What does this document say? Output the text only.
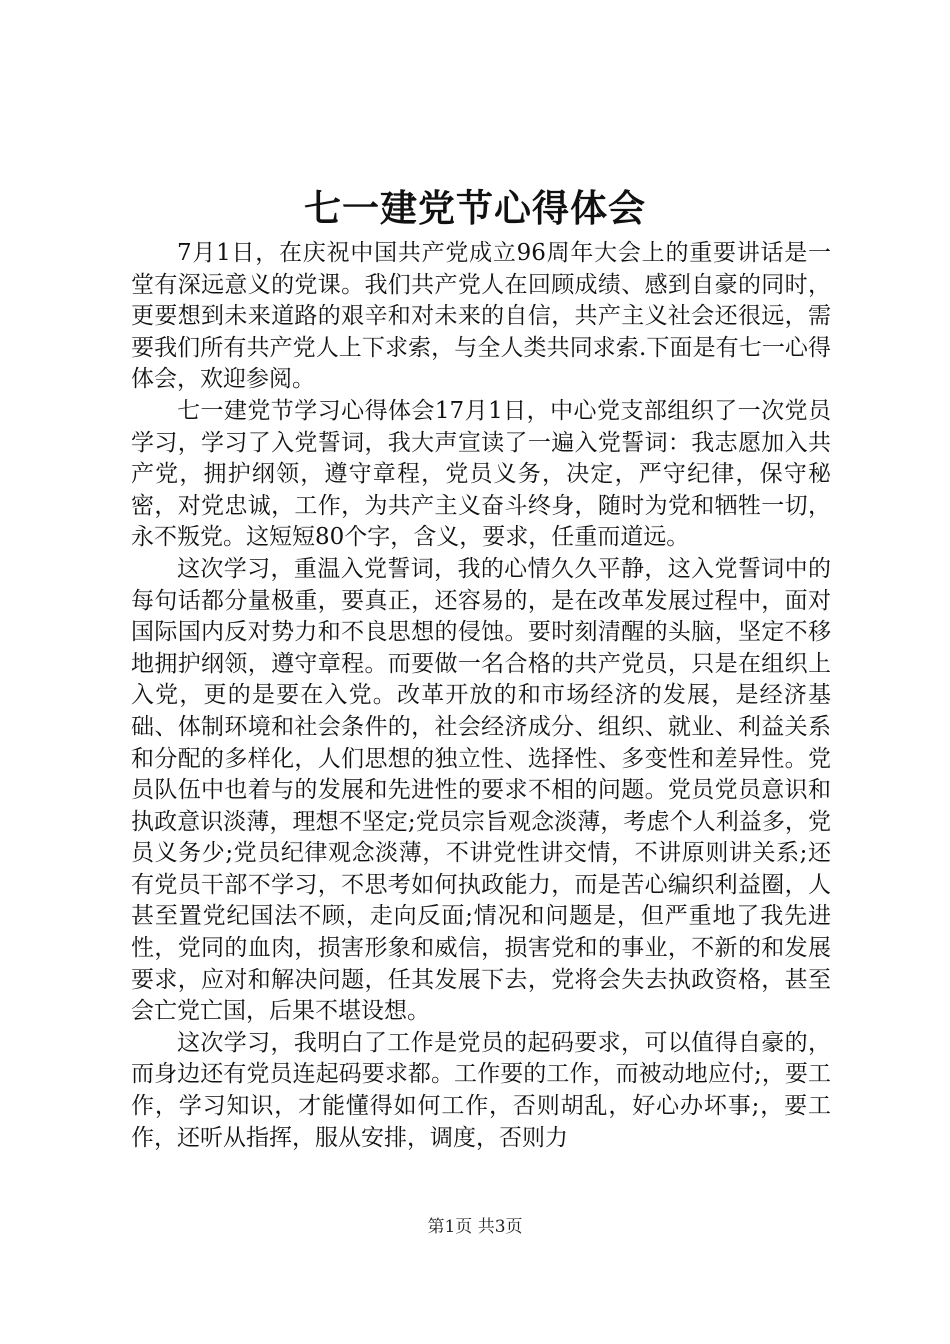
七一建党节心得体会

7月1日，在庆祝中国共产党成立96周年大会上的重要讲话是一堂有深远意义的党课。我们共产党人在回顾成绩、感到自豪的同时，更要想到未来道路的艰辛和对未来的自信，共产主义社会还很远，需要我们所有共产党人上下求索，与全人类共同求索.下面是有七一心得体会，欢迎参阅。

七一建党节学习心得体会17月1日，中心党支部组织了一次党员学习，学习了入党誓词，我大声宣读了一遍入党誓词：我志愿加入共产党，拥护纲领，遵守章程，党员义务，决定，严守纪律，保守秘密，对党忠诚，工作，为共产主义奋斗终身，随时为党和牺牲一切，永不叛党。这短短80个字，含义，要求，任重而道远。

这次学习，重温入党誓词，我的心情久久平静，这入党誓词中的每句话都分量极重，要真正，还容易的，是在改革发展过程中，面对国际国内反对势力和不良思想的侵蚀。要时刻清醒的头脑，坚定不移地拥护纲领，遵守章程。而要做一名合格的共产党员，只是在组织上入党，更的是要在入党。改革开放的和市场经济的发展，是经济基础、体制环境和社会条件的，社会经济成分、组织、就业、利益关系和分配的多样化，人们思想的独立性、选择性、多变性和差异性。党员队伍中也着与的发展和先进性的要求不相的问题。党员党员意识和执政意识淡薄，理想不坚定;党员宗旨观念淡薄，考虑个人利益多，党员义务少;党员纪律观念淡薄，不讲党性讲交情，不讲原则讲关系;还有党员干部不学习，不思考如何执政能力，而是苦心编织利益圈，人甚至置党纪国法不顾，走向反面;情况和问题是，但严重地了我先进性，党同的血肉，损害形象和威信，损害党和的事业，不新的和发展要求，应对和解决问题，任其发展下去，党将会失去执政资格，甚至会亡党亡国，后果不堪设想。

这次学习，我明白了工作是党员的起码要求，可以值得自豪的，而身边还有党员连起码要求都。工作要的工作，而被动地应付;，要工作，学习知识，才能懂得如何工作，否则胡乱，好心办坏事;，要工作，还听从指挥，服从安排，调度，否则力

第1页 共3页
